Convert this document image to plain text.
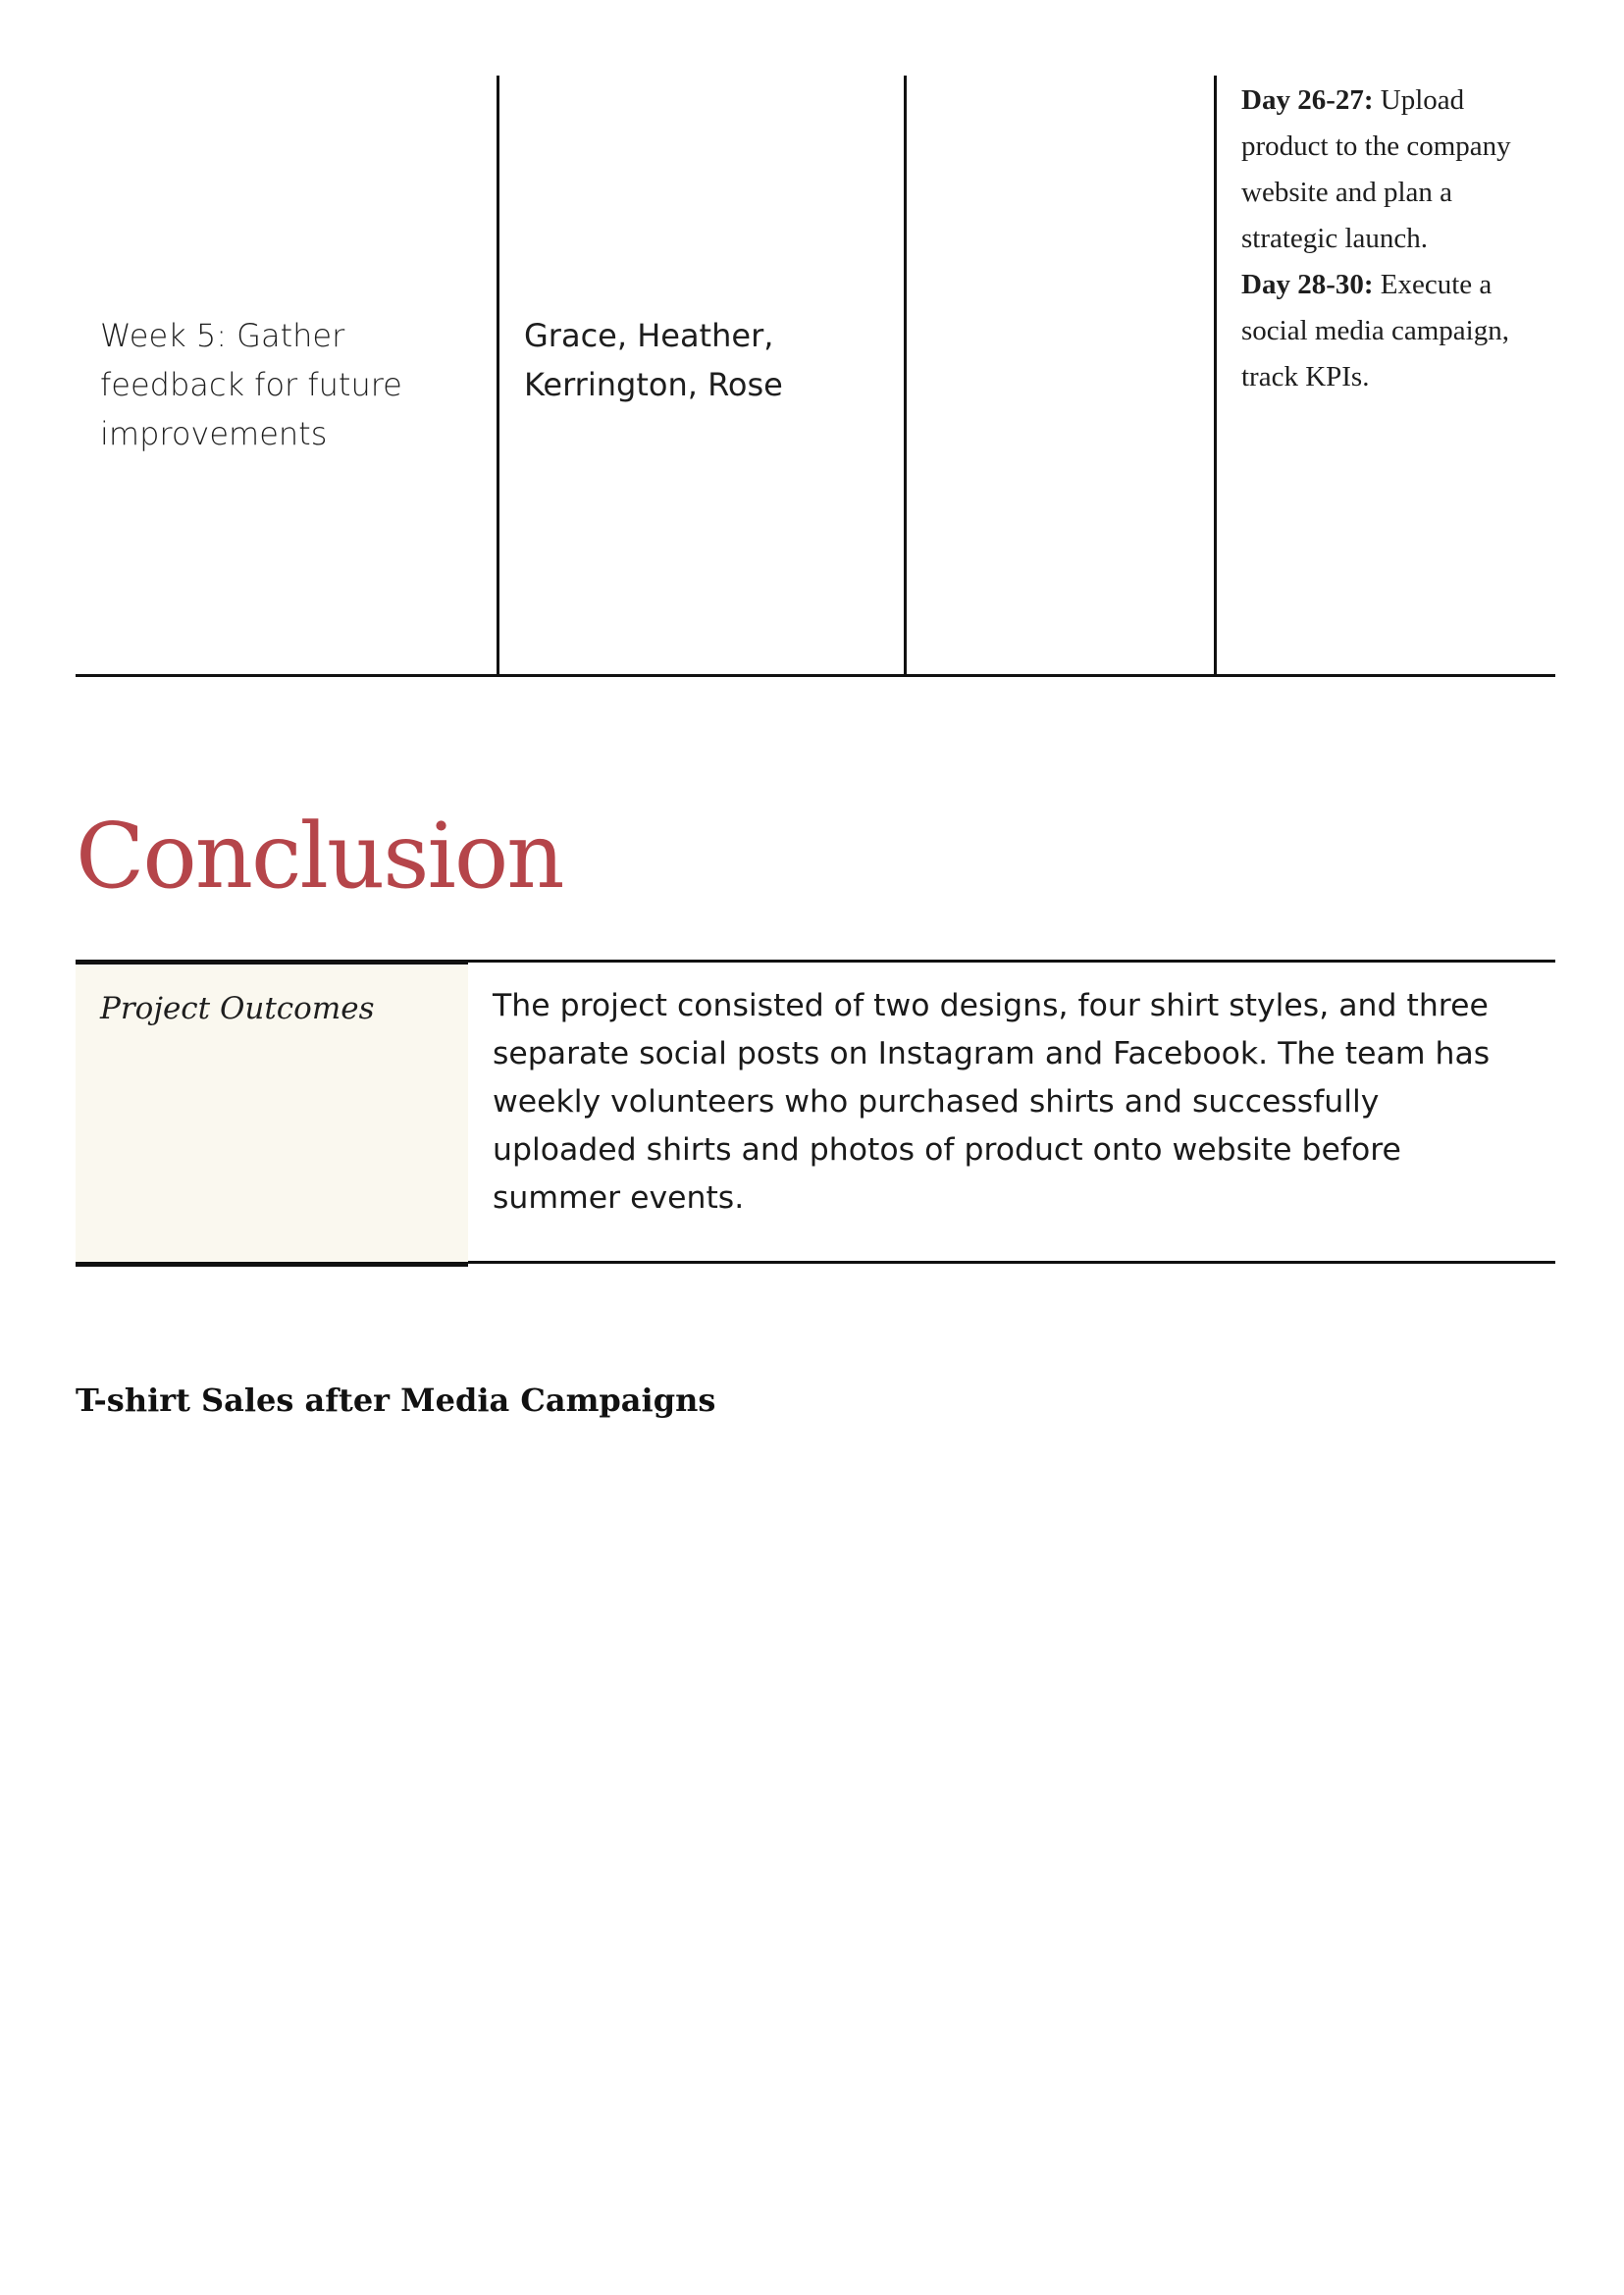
Week 5: Gather feedback for future improvements
Grace, Heather, Kerrington, Rose
Day 26-27: Upload product to the company website and plan a strategic launch.
Day 28-30: Execute a social media campaign, track KPIs.
Conclusion
Project Outcomes	The project consisted of two designs, four shirt styles, and three separate social posts on Instagram and Facebook. The team has weekly volunteers who purchased shirts and successfully uploaded shirts and photos of product onto website before summer events.
T-shirt Sales after Media Campaigns
